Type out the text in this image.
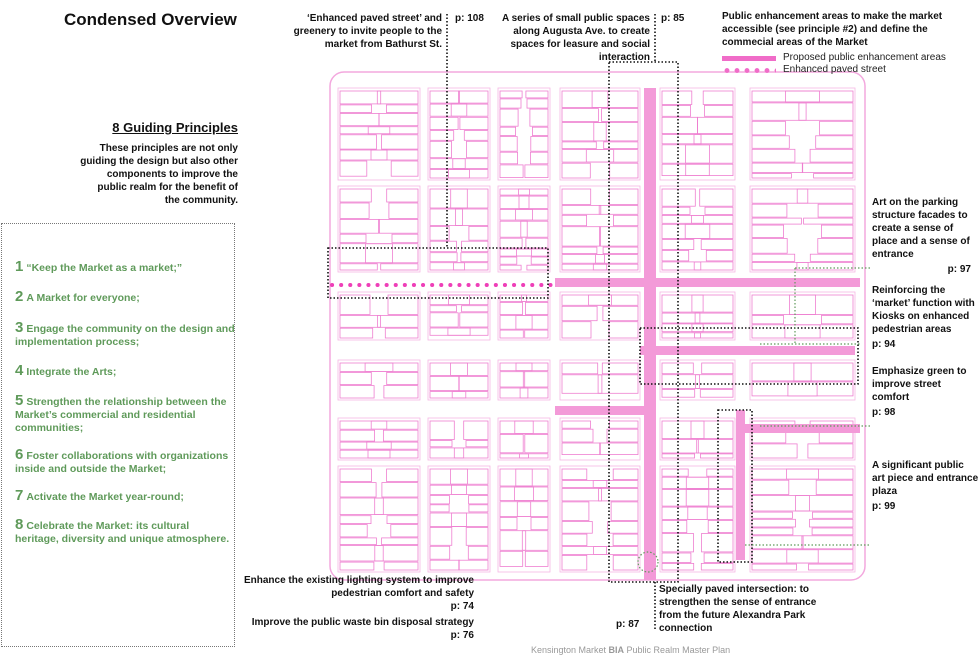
Condensed Overview
8 Guiding Principles
These principles are not only guiding the design but also other components to improve the public realm for the benefit of the community.
1 “Keep the Market as a market;”
2 A Market for everyone;
3 Engage the community on the design and implementation process;
4 Integrate the Arts;
5 Strengthen the relationship between the Market’s commercial and residential communities;
6 Foster collaborations with organizations inside and outside the Market;
7 Activate the Market year-round;
8 Celebrate the Market: its cultural heritage, diversity and unique atmosphere.
‘Enhanced paved street’ and greenery to invite people to the market from Bathurst St.
p: 108	A series of small public spaces along Augusta Ave. to create spaces for leasure and social interaction
p: 85	Public enhancement areas to make the market accessible (see principle #2) and define the commecial areas of the Market
Proposed public enhancement areas
Enhanced paved street
Art on the parking structure facades to create a sense of place and a sense of entrance
p: 97
Reinforcing the ‘market’ function with Kiosks on enhanced pedestrian areas
p: 94
Emphasize green to improve street comfort
p: 98
A significant public art piece and entrance plaza
p: 99
Enhance the existing lighting system to improve pedestrian comfort and safety
p: 74
Improve the public waste bin disposal strategy
p: 76
Specially paved intersection: to strengthen the sense of entrance from the future Alexandra Park connection
p: 87
Kensington Market BIA Public Realm Master Plan
